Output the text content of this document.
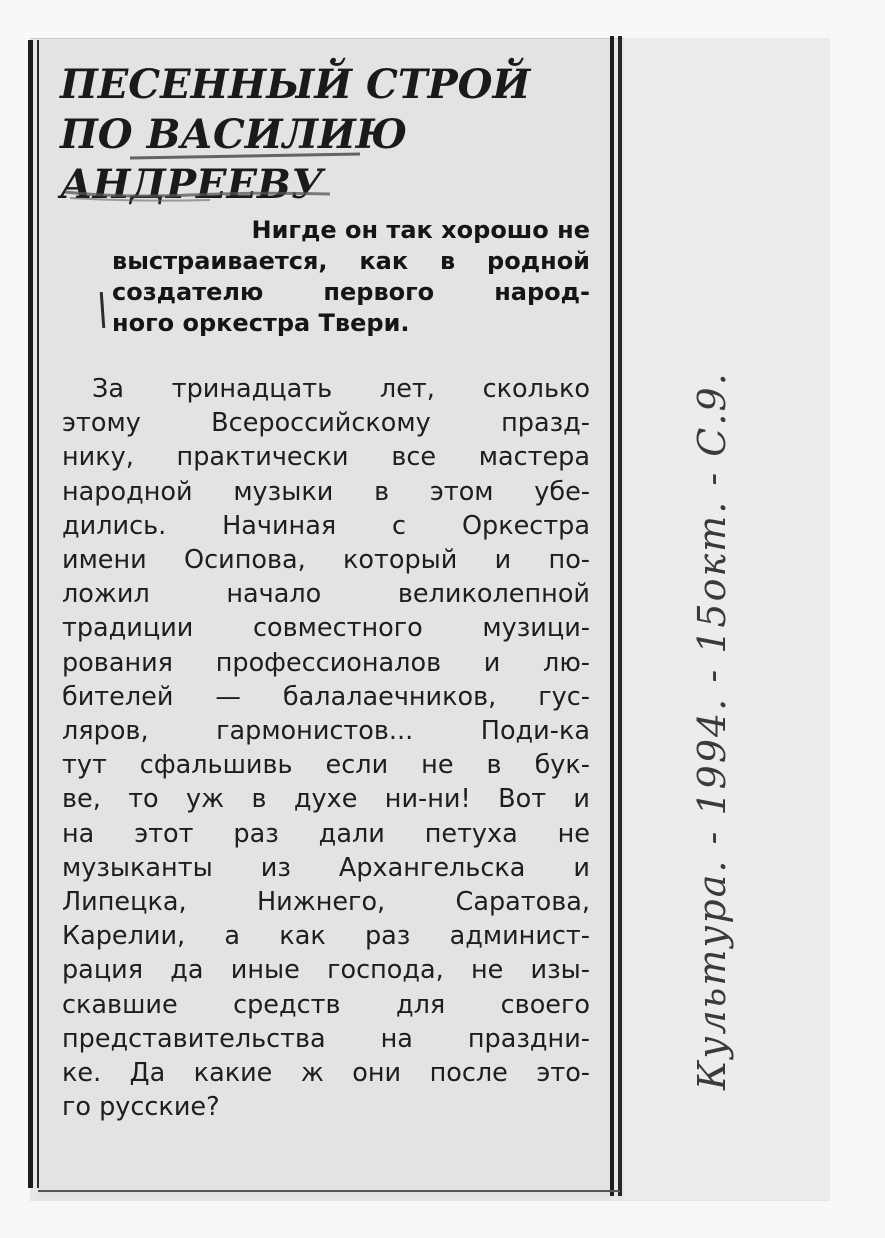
ПЕСЕННЫЙ СТРОЙ
ПО ВАСИЛИЮ
АНДРЕЕВУ

Нигде он так хорошо не
выстраивается, как в родной
создателю первого народ-
ного оркестра Твери.

За тринадцать лет, сколько
этому Всероссийскому празд-
нику, практически все мастера
народной музыки в этом убе-
дились. Начиная с Оркестра
имени Осипова, который и по-
ложил начало великолепной
традиции совместного музици-
рования профессионалов и лю-
бителей — балалаечников, гус-
ляров, гармонистов... Поди-ка
тут сфальшивь если не в бук-
ве, то уж в духе ни-ни! Вот и
на этот раз дали петуха не
музыканты из Архангельска и
Липецка, Нижнего, Саратова,
Карелии, а как раз админист-
рация да иные господа, не изы-
скавшие средств для своего
представительства на праздни-
ке. Да какие ж они после это-
го русские?

Культура. - 1994. - 15окт. - С.9.
